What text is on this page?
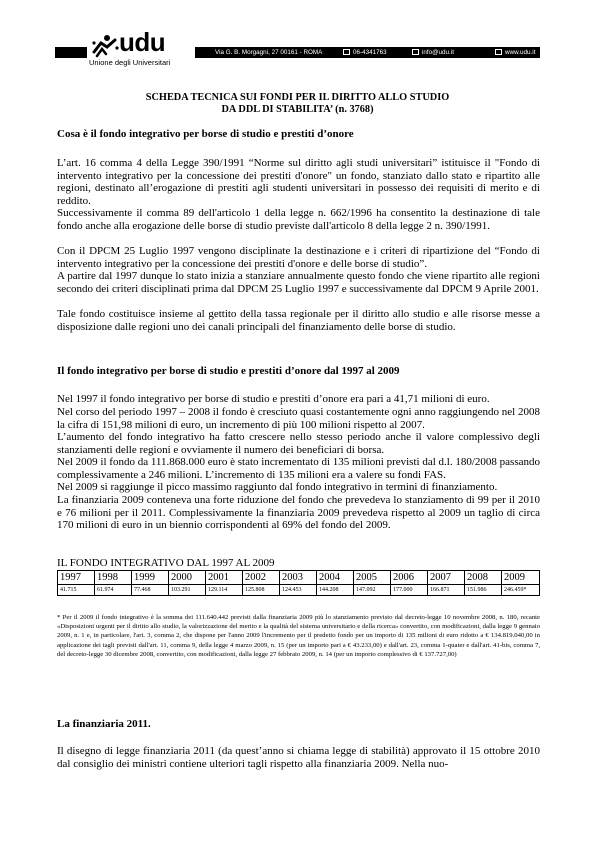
udu
Unione degli Universitari
Via G. B. Morgagni, 27 00161 - ROMA	06-4341763	info@udu.it	www.udu.it
SCHEDA TECNICA SUI FONDI PER IL DIRITTO ALLO STUDIO
DA DDL DI STABILITA’ (n. 3768)
Cosa è il fondo integrativo per borse di studio e prestiti d’onore
L’art. 16 comma 4 della Legge 390/1991 “Norme sul diritto agli studi universitari” istituisce il "Fondo di intervento integrativo per la concessione dei prestiti d'onore" un fondo, stanziato dallo stato e ripartito alle regioni, destinato all’erogazione di prestiti agli studenti universitari in possesso dei requisiti di merito e di reddito.
Successivamente il comma 89 dell'articolo 1 della legge n. 662/1996 ha consentito la destinazione di tale fondo anche alla erogazione delle borse di studio previste dall'articolo 8 della legge 2 n. 390/1991.
Con il DPCM 25 Luglio 1997 vengono disciplinate la destinazione e i criteri di ripartizione del “Fondo di intervento integrativo per la concessione dei prestiti d'onore e delle borse di studio”.
A partire dal 1997 dunque lo stato inizia a stanziare annualmente questo fondo che viene ripartito alle regioni secondo dei criteri disciplinati prima dal DPCM 25 Luglio 1997 e successivamente dal DPCM 9 Aprile 2001.
Tale fondo costituisce insieme al gettito della tassa regionale per il diritto allo studio e alle risorse messe a disposizione dalle regioni uno dei canali principali del finanziamento delle borse di studio.
Il fondo integrativo per borse di studio e prestiti d’onore dal 1997 al 2009
Nel 1997 il fondo integrativo per borse di studio e prestiti d’onore era pari a 41,71 milioni di euro.
Nel corso del periodo 1997 – 2008 il fondo è cresciuto quasi costantemente ogni anno raggiungendo nel 2008 la cifra di 151,98 milioni di euro, un incremento di più 100 milioni rispetto al 2007.
L’aumento del fondo integrativo ha fatto crescere nello stesso periodo anche il valore complessivo degli stanziamenti delle regioni e ovviamente il numero dei beneficiari di borsa.
Nel 2009 il fondo da 111.868.000 euro è stato incrementato di 135 milioni previsti dal d.l. 180/2008 passando complessivamente a 246 milioni. L’incremento di 135 milioni era a valere su fondi FAS.
Nel 2009 si raggiunge il picco massimo raggiunto dal fondo integrativo in termini di finanziamento.
La finanziaria 2009 conteneva una forte riduzione del fondo che prevedeva lo stanziamento di 99 per il 2010 e 76 milioni per il 2011. Complessivamente la finanziaria 2009 prevedeva rispetto al 2009 un taglio di circa 170 milioni di euro in un biennio corrispondenti al 69% del fondo del 2009.
IL FONDO INTEGRATIVO DAL 1997 AL 2009
1997	1998	1999	2000	2001	2002	2003	2004	2005	2006	2007	2008	2009
41.715	61.974	77.468	103.291	129.114	125.808	124.453	144.208	147.092	177.000	166.871	151.986	246.459*
* Per il 2009 il fondo integrativo è la somma dei 111.640.442 previsti dalla finanziaria 2009 più lo stanziamento previsto dal decreto-legge 10 novembre 2008, n. 180, recante «Disposizioni urgenti per il diritto allo studio, la valorizzazione del merito e la qualità del sistema universitario e della ricerca» convertito, con modificazioni, dalla legge 9 gennaio 2009, n. 1 e, in particolare, l'art. 3, comma 2, che dispone per l'anno 2009 l'incremento per il predetto fondo per un importo di 135 milioni di euro ridotto a € 134.819.040,00 in applicazione dei tagli previsti dall'art. 11, comma 9, della legge 4 marzo 2009, n. 15 (per un importo pari a € 43.233,00) e dall'art. 23, comma 1-quater e dall'art. 41-bis, comma 7, del decreto-legge 30 dicembre 2008, convertito, con modificazioni, dalla legge 27 febbraio 2009, n. 14 (per un importo complessivo di € 137.727,00)
La finanziaria 2011.
Il disegno di legge finanziaria 2011 (da quest’anno si chiama legge di stabilità) approvato il 15 ottobre 2010 dal consiglio dei ministri contiene ulteriori tagli rispetto alla finanziaria 2009. Nella nuo-
